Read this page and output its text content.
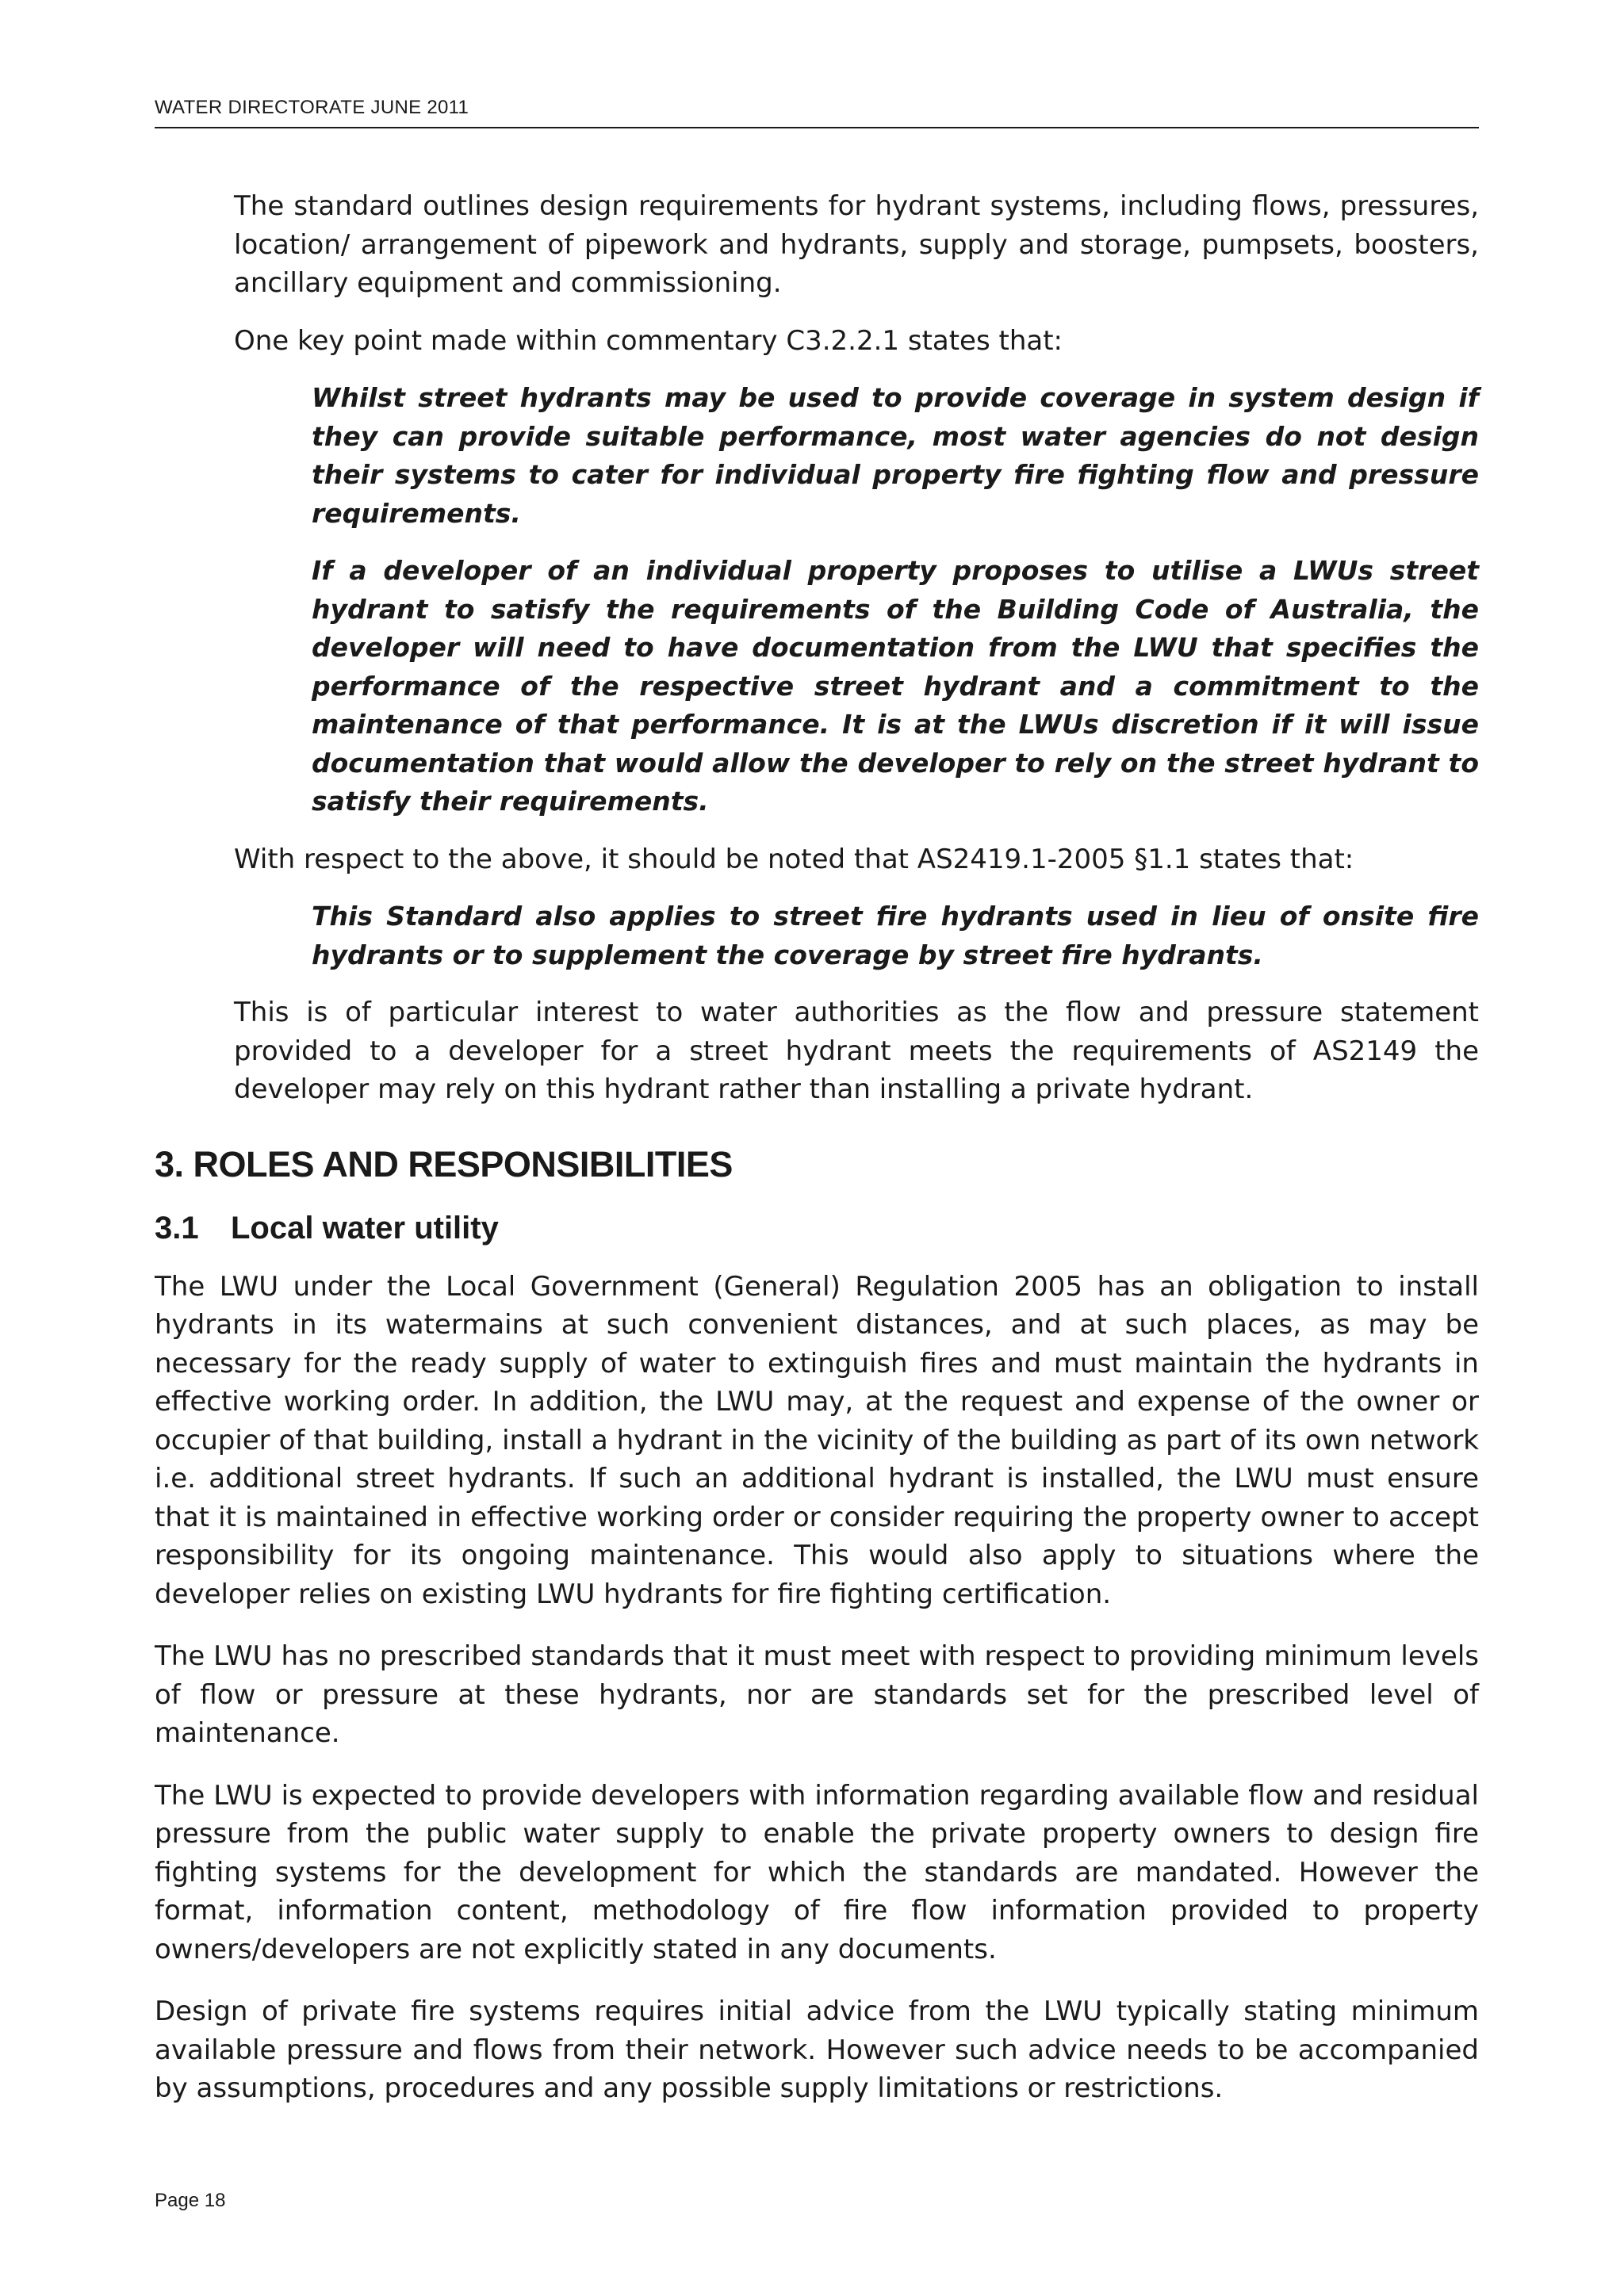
WATER DIRECTORATE JUNE 2011

The standard outlines design requirements for hydrant systems, including flows, pressures, location/ arrangement of pipework and hydrants, supply and storage, pumpsets, boosters, ancillary equipment and commissioning.

One key point made within commentary C3.2.2.1 states that:

Whilst street hydrants may be used to provide coverage in system design if they can provide suitable performance, most water agencies do not design their systems to cater for individual property fire fighting flow and pressure requirements.

If a developer of an individual property proposes to utilise a LWUs street hydrant to satisfy the requirements of the Building Code of Australia, the developer will need to have documentation from the LWU that specifies the performance of the respective street hydrant and a commitment to the maintenance of that performance. It is at the LWUs discretion if it will issue documentation that would allow the developer to rely on the street hydrant to satisfy their requirements.

With respect to the above, it should be noted that AS2419.1-2005 §1.1 states that:

This Standard also applies to street fire hydrants used in lieu of onsite fire hydrants or to supplement the coverage by street fire hydrants.

This is of particular interest to water authorities as the flow and pressure statement provided to a developer for a street hydrant meets the requirements of AS2149 the developer may rely on this hydrant rather than installing a private hydrant.

3. ROLES AND RESPONSIBILITIES
3.1 Local water utility

The LWU under the Local Government (General) Regulation 2005 has an obligation to install hydrants in its watermains at such convenient distances, and at such places, as may be necessary for the ready supply of water to extinguish fires and must maintain the hydrants in effective working order. In addition, the LWU may, at the request and expense of the owner or occupier of that building, install a hydrant in the vicinity of the building as part of its own network i.e. additional street hydrants. If such an additional hydrant is installed, the LWU must ensure that it is maintained in effective working order or consider requiring the property owner to accept responsibility for its ongoing maintenance. This would also apply to situations where the developer relies on existing LWU hydrants for fire fighting certification.

The LWU has no prescribed standards that it must meet with respect to providing minimum levels of flow or pressure at these hydrants, nor are standards set for the prescribed level of maintenance.

The LWU is expected to provide developers with information regarding available flow and residual pressure from the public water supply to enable the private property owners to design fire fighting systems for the development for which the standards are mandated. However the format, information content, methodology of fire flow information provided to property owners/developers are not explicitly stated in any documents.

Design of private fire systems requires initial advice from the LWU typically stating minimum available pressure and flows from their network. However such advice needs to be accompanied by assumptions, procedures and any possible supply limitations or restrictions.

Page 18
